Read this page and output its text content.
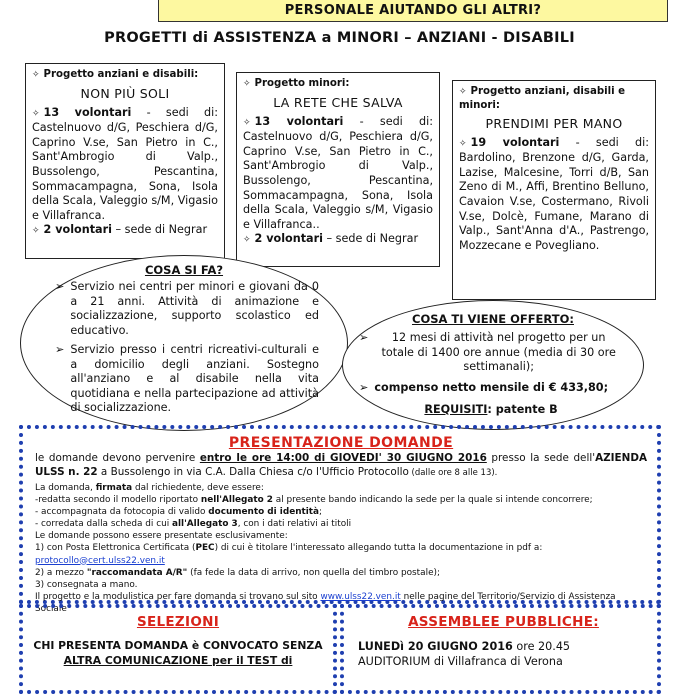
PERSONALE AIUTANDO GLI ALTRI?
PROGETTI di ASSISTENZA a MINORI – ANZIANI - DISABILI
✧ Progetto anziani e disabili:
NON PIÙ SOLI
✧ 13 volontari - sedi di: Castelnuovo d/G, Peschiera d/G, Caprino V.se, San Pietro in C., Sant'Ambrogio di Valp., Bussolengo, Pescantina, Sommacampagna, Sona, Isola della Scala, Valeggio s/M, Vigasio e Villafranca.
✧ 2 volontari – sede di Negrar
✧ Progetto minori:
LA RETE CHE SALVA
✧ 13 volontari - sedi di: Castelnuovo d/G, Peschiera d/G, Caprino V.se, San Pietro in C., Sant'Ambrogio di Valp., Bussolengo, Pescantina, Sommacampagna, Sona, Isola della Scala, Valeggio s/M, Vigasio e Villafranca..
✧ 2 volontari – sede di Negrar
✧ Progetto anziani, disabili e minori:
PRENDIMI PER MANO
✧ 19 volontari - sedi di: Bardolino, Brenzone d/G, Garda, Lazise, Malcesine, Torri d/B, San Zeno di M., Affi, Brentino Belluno, Cavaion V.se, Costermano, Rivoli V.se, Dolcè, Fumane, Marano di Valp., Sant'Anna d'A., Pastrengo, Mozzecane e Povegliano.
COSA SI FA?
➢ Servizio nei centri per minori e giovani da 0 a 21 anni. Attività di animazione e socializzazione, supporto scolastico ed educativo.
➢ Servizio presso i centri ricreativi-culturali e a domicilio degli anziani. Sostegno all'anziano e al disabile nella vita quotidiana e nella partecipazione ad attività di socializzazione.
COSA TI VIENE OFFERTO:
➢	12 mesi di attività nel progetto per un totale di 1400 ore annue (media di 30 ore settimanali);
➢ compenso netto mensile di € 433,80;
REQUISITI: patente B
PRESENTAZIONE DOMANDE
le domande devono pervenire entro le ore 14:00 di GIOVEDI' 30 GIUGNO 2016 presso la sede dell'AZIENDA ULSS n. 22 a Bussolengo in via C.A. Dalla Chiesa c/o l'Ufficio Protocollo (dalle ore 8 alle 13).
La domanda, firmata dal richiedente, deve essere:
-redatta secondo il modello riportato nell'Allegato 2 al presente bando indicando la sede per la quale si intende concorrere;
- accompagnata da fotocopia di valido documento di identità;
- corredata dalla scheda di cui all'Allegato 3, con i dati relativi ai titoli
Le domande possono essere presentate esclusivamente:
1) con Posta Elettronica Certificata (PEC) di cui è titolare l'interessato allegando tutta la documentazione in pdf a: protocollo@cert.ulss22.ven.it
2) a mezzo "raccomandata A/R" (fa fede la data di arrivo, non quella del timbro postale);
3) consegnata a mano.
Il progetto e la modulistica per fare domanda si trovano sul sito www.ulss22.ven.it nelle pagine del Territorio/Servizio di Assistenza Sociale
SELEZIONI
CHI PRESENTA DOMANDA è CONVOCATO SENZA
ALTRA COMUNICAZIONE per il TEST di
ASSEMBLEE PUBBLICHE:
LUNEDì 20 GIUGNO 2016 ore 20.45
AUDITORIUM di Villafranca di Verona
